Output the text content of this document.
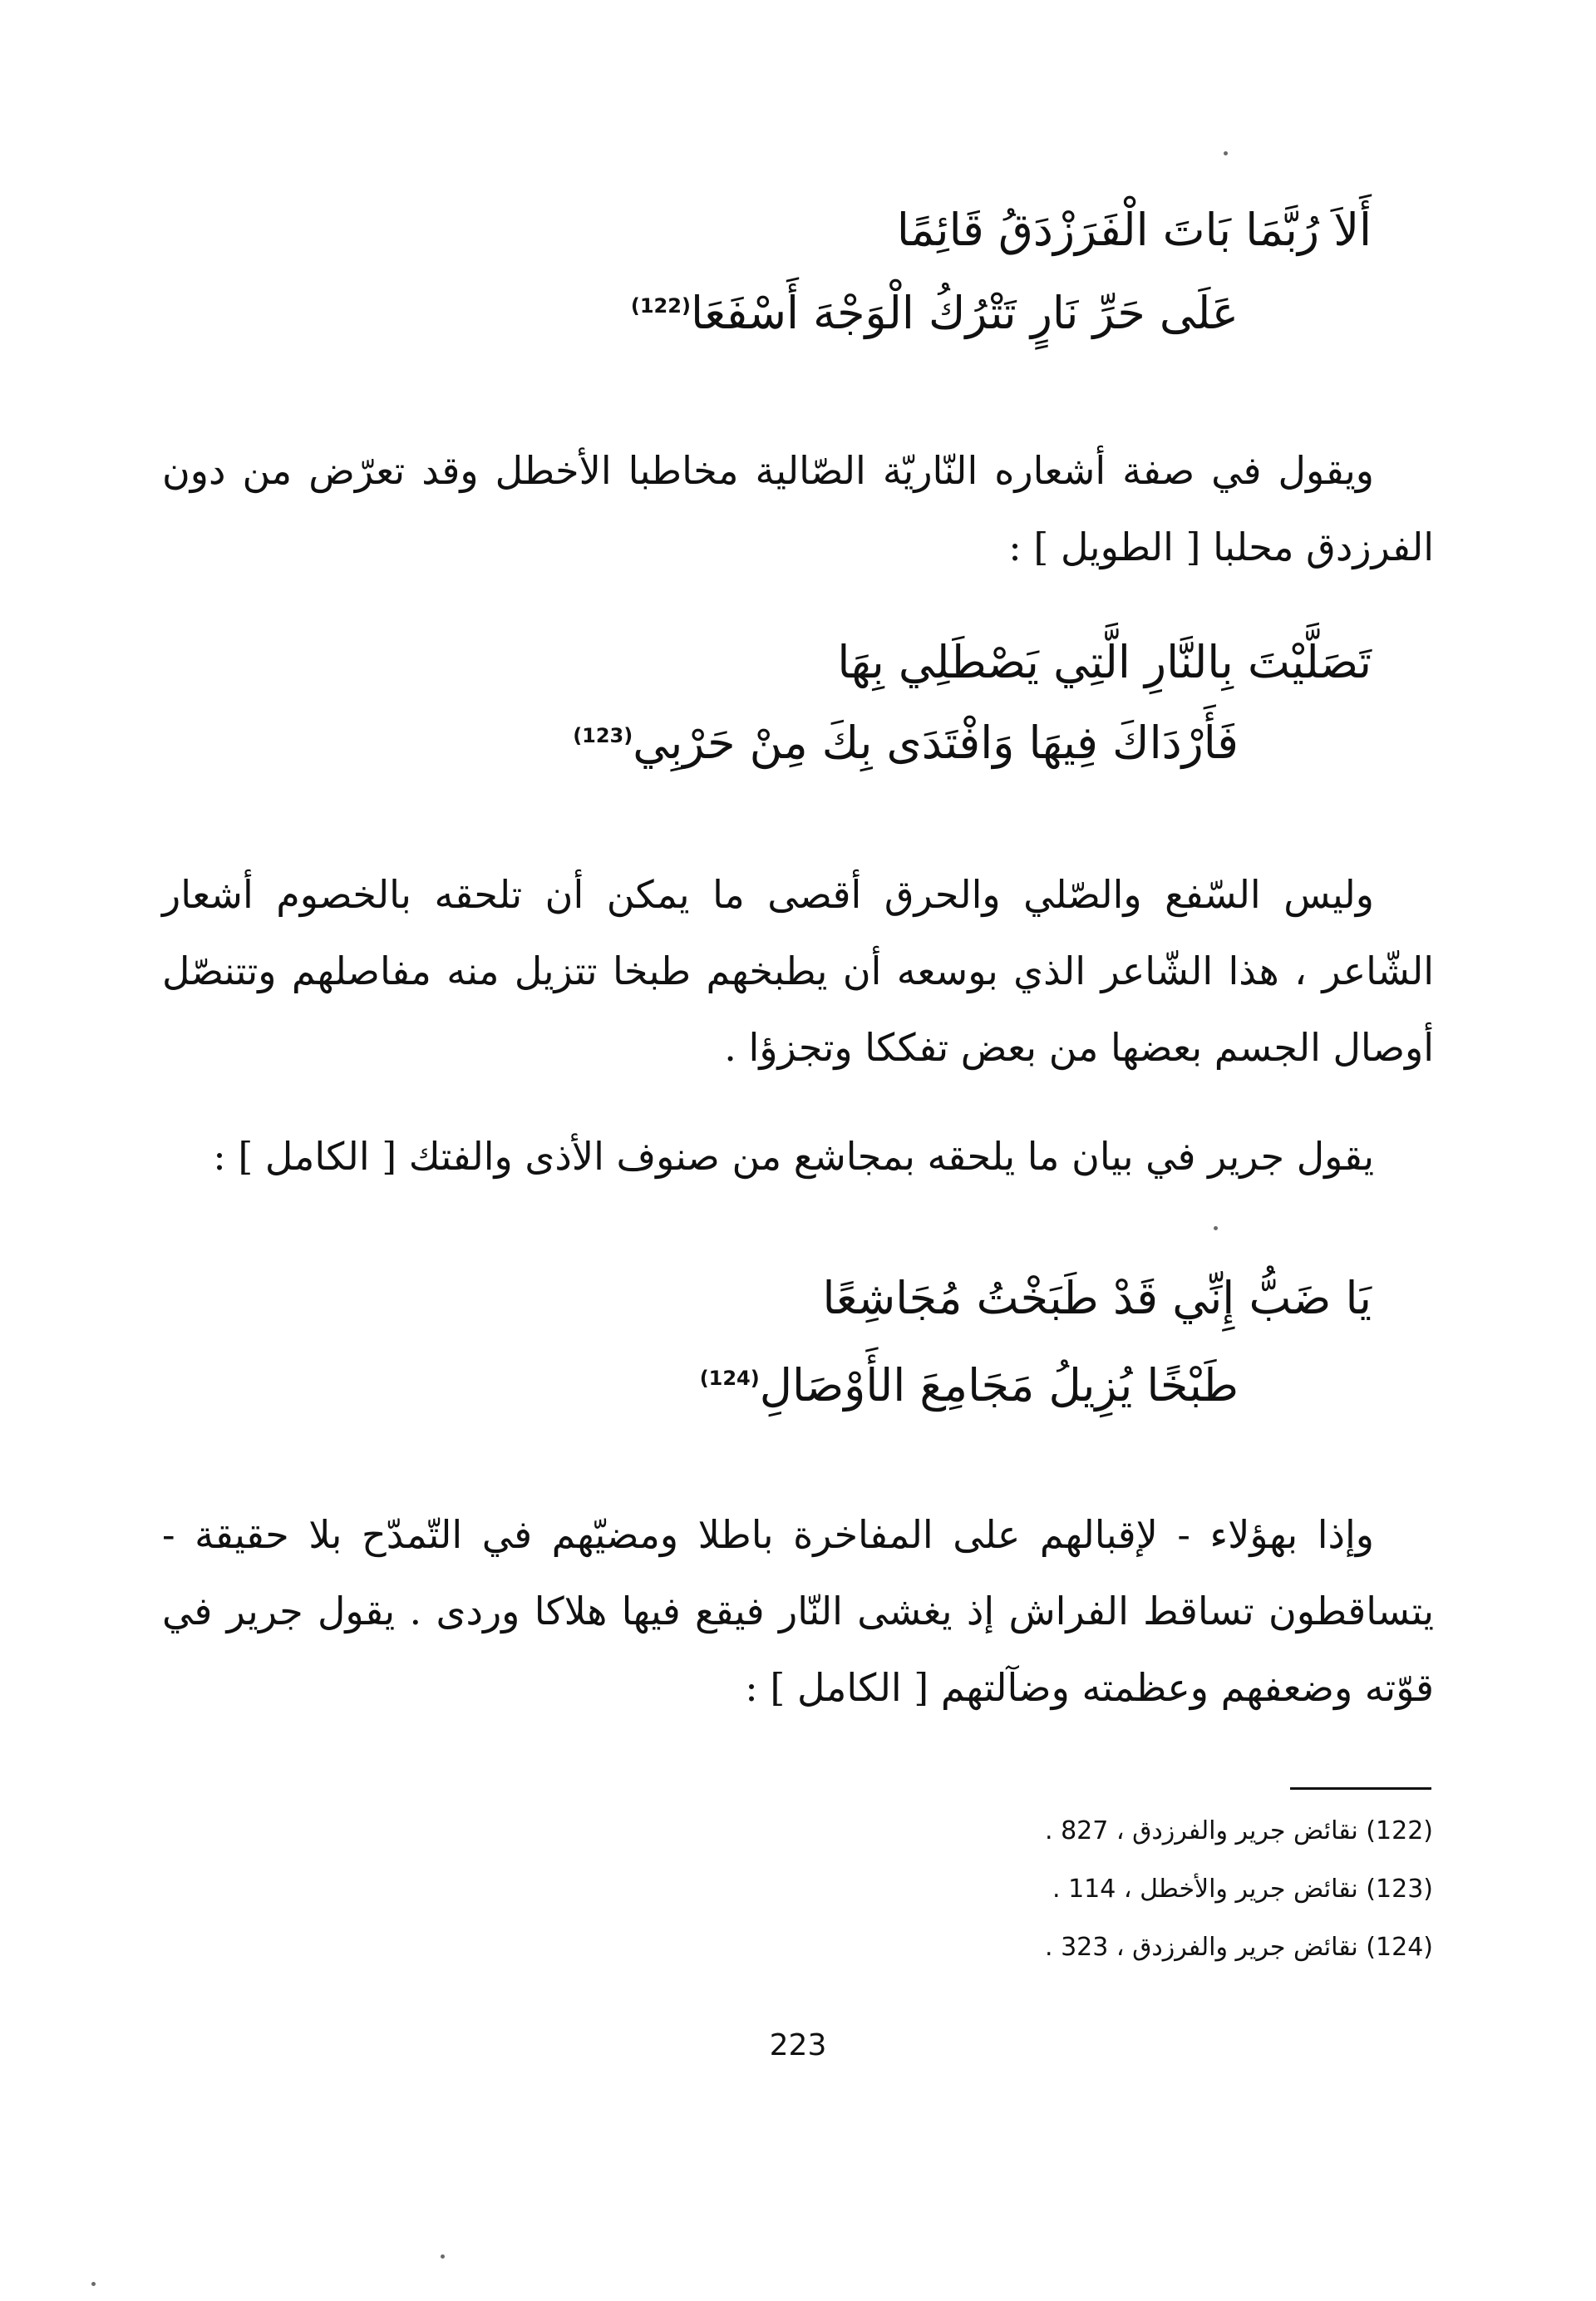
أَلاَ رُبَّمَا بَاتَ الْفَرَزْدَقُ قَائِمًا
عَلَى حَرِّ نَارٍ تَتْرُكُ الْوَجْهَ أَسْفَعَا$^{(122)}$
ويقول في صفة أشعاره النّاريّة الصّالية مخاطبا الأخطل وقد تعرّض من دون الفرزدق محلبا [ الطويل ] :
تَصَلَّيْتَ بِالنَّارِ الَّتِي يَصْطَلِي بِهَا
فَأَرْدَاكَ فِيهَا وَافْتَدَى بِكَ مِنْ حَرْبِي$^{(123)}$
وليس السّفع والصّلي والحرق أقصى ما يمكن أن تلحقه بالخصوم أشعار الشّاعر ، هذا الشّاعر الذي بوسعه أن يطبخهم طبخا تتزيل منه مفاصلهم وتتنصّل أوصال الجسم بعضها من بعض تفككا وتجزؤا .
يقول جرير في بيان ما يلحقه بمجاشع من صنوف الأذى والفتك [ الكامل ] :
يَا ضَبُّ إِنِّي قَدْ طَبَخْتُ مُجَاشِعًا
طَبْخًا يُزِيلُ مَجَامِعَ الأَوْصَالِ$^{(124)}$
وإذا بهؤلاء - لإقبالهم على المفاخرة باطلا ومضيّهم في التّمدّح بلا حقيقة - يتساقطون تساقط الفراش إذ يغشى النّار فيقع فيها هلاكا وردى . يقول جرير في قوّته وضعفهم وعظمته وضآلتهم [ الكامل ] :
(122) نقائض جرير والفرزدق ، 827 .
(123) نقائض جرير والأخطل ، 114 .
(124) نقائض جرير والفرزدق ، 323 .
223
